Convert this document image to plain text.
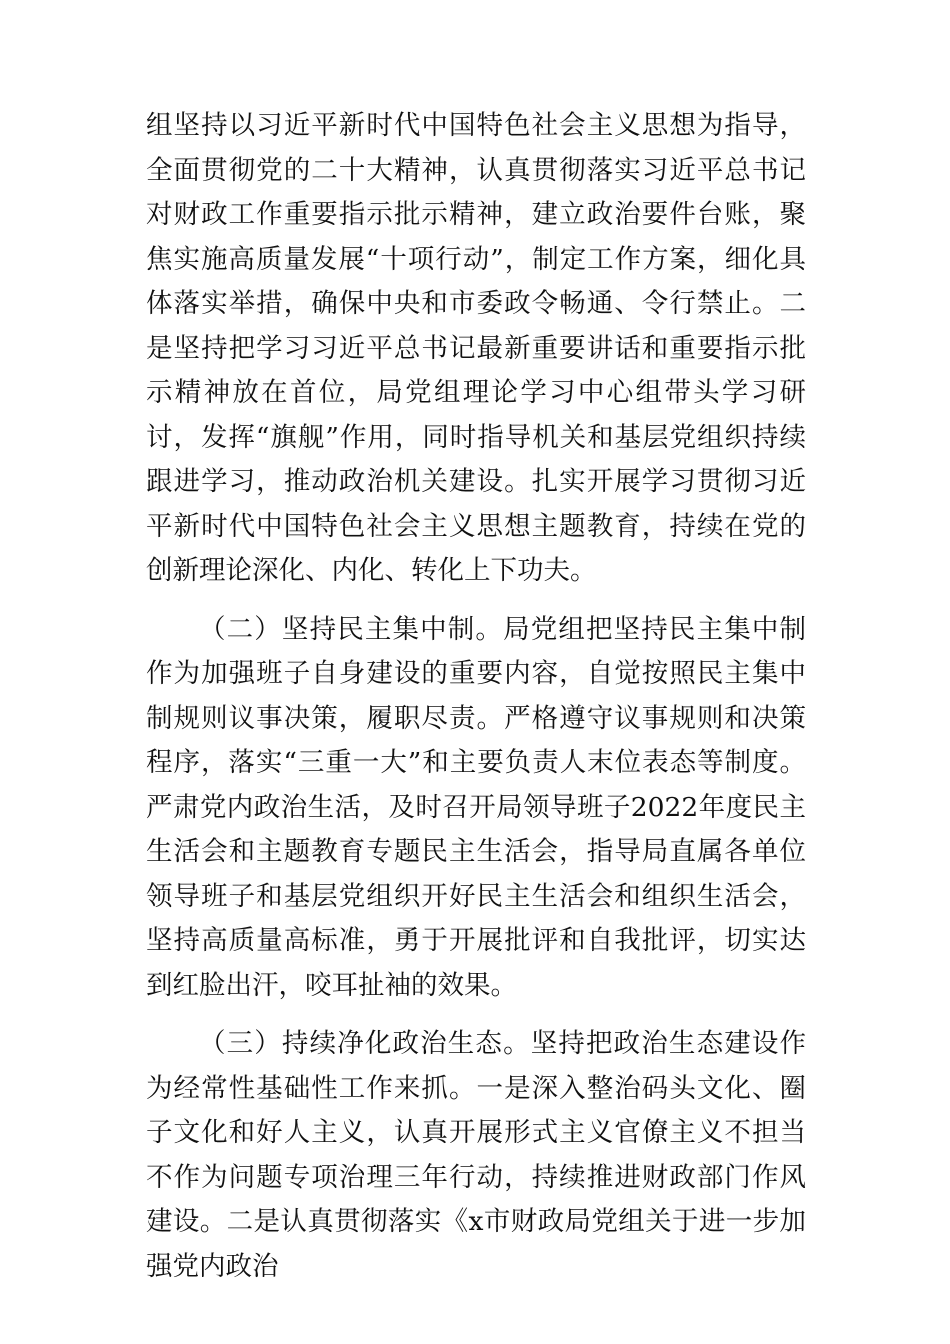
组坚持以习近平新时代中国特色社会主义思想为指导，全面贯彻党的二十大精神，认真贯彻落实习近平总书记对财政工作重要指示批示精神，建立政治要件台账，聚焦实施高质量发展“十项行动”，制定工作方案，细化具体落实举措，确保中央和市委政令畅通、令行禁止。二是坚持把学习习近平总书记最新重要讲话和重要指示批示精神放在首位，局党组理论学习中心组带头学习研讨，发挥“旗舰”作用，同时指导机关和基层党组织持续跟进学习，推动政治机关建设。扎实开展学习贯彻习近平新时代中国特色社会主义思想主题教育，持续在党的创新理论深化、内化、转化上下功夫。

（二）坚持民主集中制。局党组把坚持民主集中制作为加强班子自身建设的重要内容，自觉按照民主集中制规则议事决策，履职尽责。严格遵守议事规则和决策程序，落实“三重一大”和主要负责人末位表态等制度。严肃党内政治生活，及时召开局领导班子2022年度民主生活会和主题教育专题民主生活会，指导局直属各单位领导班子和基层党组织开好民主生活会和组织生活会，坚持高质量高标准，勇于开展批评和自我批评，切实达到红脸出汗，咬耳扯袖的效果。

（三）持续净化政治生态。坚持把政治生态建设作为经常性基础性工作来抓。一是深入整治码头文化、圈子文化和好人主义，认真开展形式主义官僚主义不担当不作为问题专项治理三年行动，持续推进财政部门作风建设。二是认真贯彻落实《x市财政局党组关于进一步加强党内政治
